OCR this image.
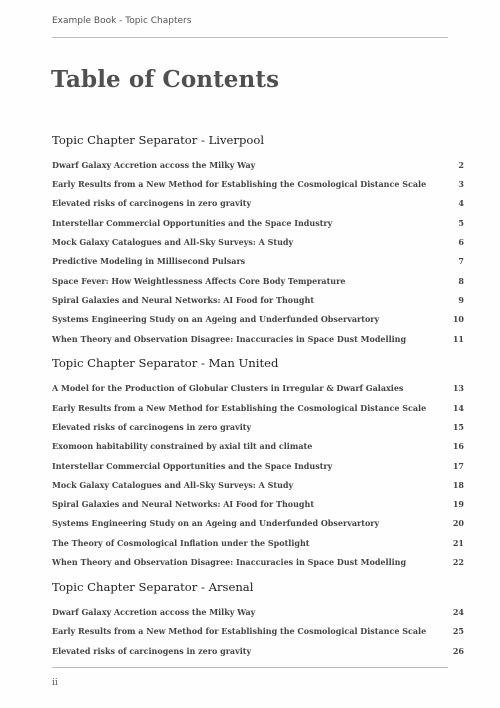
Example Book - Topic Chapters
Table of Contents
Topic Chapter Separator - Liverpool
Dwarf Galaxy Accretion accoss the Milky Way	2
Early Results from a New Method for Establishing the Cosmological Distance Scale	3
Elevated risks of carcinogens in zero gravity	4
Interstellar Commercial Opportunities and the Space Industry	5
Mock Galaxy Catalogues and All-Sky Surveys: A Study	6
Predictive Modeling in Millisecond Pulsars	7
Space Fever: How Weightlessness Affects Core Body Temperature	8
Spiral Galaxies and Neural Networks: AI Food for Thought	9
Systems Engineering Study on an Ageing and Underfunded Observartory	10
When Theory and Observation Disagree: Inaccuracies in Space Dust Modelling	11
Topic Chapter Separator - Man United
A Model for the Production of Globular Clusters in Irregular & Dwarf Galaxies	13
Early Results from a New Method for Establishing the Cosmological Distance Scale	14
Elevated risks of carcinogens in zero gravity	15
Exomoon habitability constrained by axial tilt and climate	16
Interstellar Commercial Opportunities and the Space Industry	17
Mock Galaxy Catalogues and All-Sky Surveys: A Study	18
Spiral Galaxies and Neural Networks: AI Food for Thought	19
Systems Engineering Study on an Ageing and Underfunded Observartory	20
The Theory of Cosmological Inflation under the Spotlight	21
When Theory and Observation Disagree: Inaccuracies in Space Dust Modelling	22
Topic Chapter Separator - Arsenal
Dwarf Galaxy Accretion accoss the Milky Way	24
Early Results from a New Method for Establishing the Cosmological Distance Scale	25
Elevated risks of carcinogens in zero gravity	26
ii
